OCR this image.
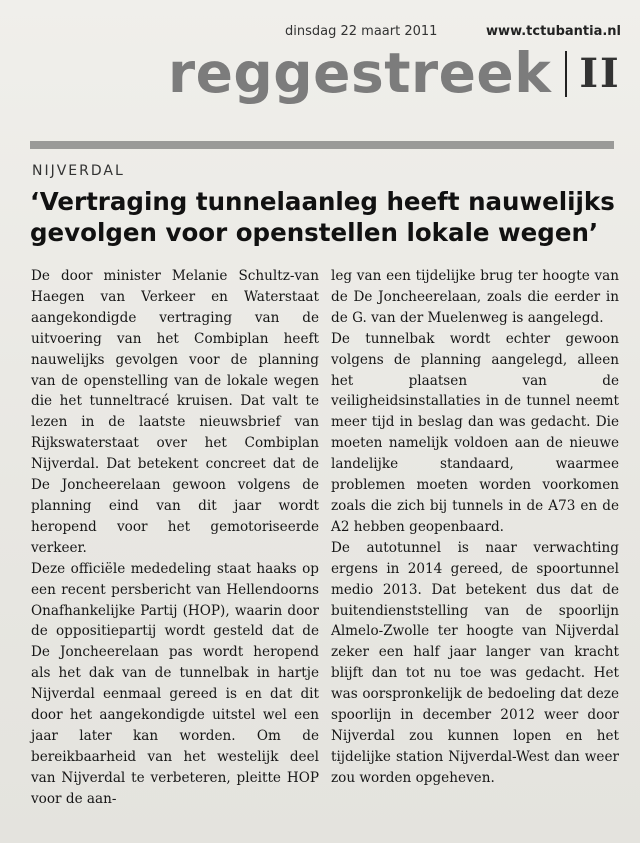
dinsdag 22 maart 2011	www.tctubantia.nl
reggestreek II
NIJVERDAL
‘Vertraging tunnelaanleg heeft nauwelijks gevolgen voor openstellen lokale wegen’

De door minister Melanie Schultz-van Haegen van Verkeer en Waterstaat aangekondigde vertraging van de uitvoering van het Combiplan heeft nauwelijks gevolgen voor de planning van de openstelling van de lokale wegen die het tunneltracé kruisen. Dat valt te lezen in de laatste nieuwsbrief van Rijkswaterstaat over het Combiplan Nijverdal. Dat betekent concreet dat de De Joncheerelaan gewoon volgens de planning eind van dit jaar wordt heropend voor het gemotoriseerde verkeer.

Deze officiële mededeling staat haaks op een recent persbericht van Hellendoorns Onafhankelijke Partij (HOP), waarin door de oppositiepartij wordt gesteld dat de De Joncheerelaan pas wordt heropend als het dak van de tunnelbak in hartje Nijverdal eenmaal gereed is en dat dit door het aangekondigde uitstel wel een jaar later kan worden. Om de bereikbaarheid van het westelijk deel van Nijverdal te verbeteren, pleitte HOP voor de aan-

leg van een tijdelijke brug ter hoogte van de De Joncheerelaan, zoals die eerder in de G. van der Muelenweg is aangelegd.

De tunnelbak wordt echter gewoon volgens de planning aangelegd, alleen het plaatsen van de veiligheidsinstallaties in de tunnel neemt meer tijd in beslag dan was gedacht. Die moeten namelijk voldoen aan de nieuwe landelijke standaard, waarmee problemen moeten worden voorkomen zoals die zich bij tunnels in de A73 en de A2 hebben geopenbaard.

De autotunnel is naar verwachting ergens in 2014 gereed, de spoortunnel medio 2013. Dat betekent dus dat de buitendienststelling van de spoorlijn Almelo-Zwolle ter hoogte van Nijverdal zeker een half jaar langer van kracht blijft dan tot nu toe was gedacht. Het was oorspronkelijk de bedoeling dat deze spoorlijn in december 2012 weer door Nijverdal zou kunnen lopen en het tijdelijke station Nijverdal-West dan weer zou worden opgeheven.
